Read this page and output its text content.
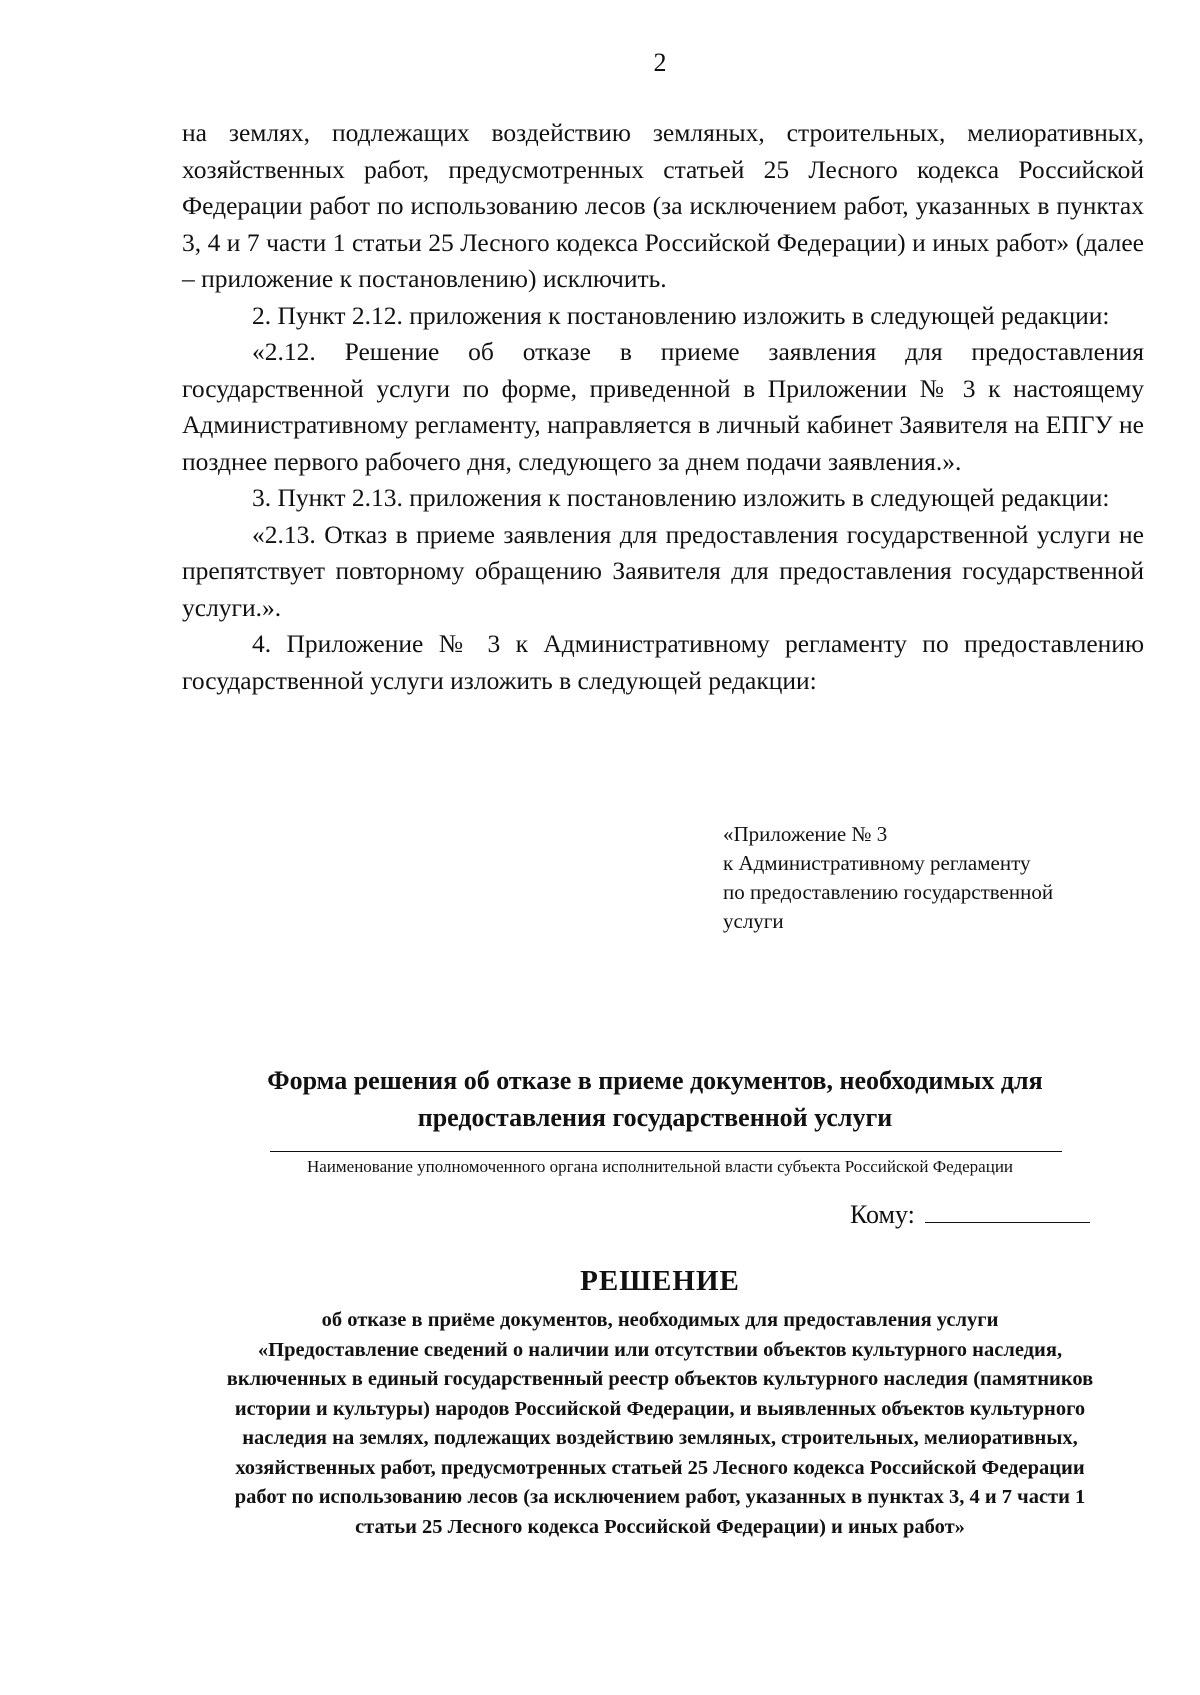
2

на землях, подлежащих воздействию земляных, строительных, мелиоративных, хозяйственных работ, предусмотренных статьей 25 Лесного кодекса Российской Федерации работ по использованию лесов (за исключением работ, указанных в пунктах 3, 4 и 7 части 1 статьи 25 Лесного кодекса Российской Федерации) и иных работ» (далее – приложение к постановлению) исключить.

2. Пункт 2.12. приложения к постановлению изложить в следующей редакции:

«2.12. Решение об отказе в приеме заявления для предоставления государственной услуги по форме, приведенной в Приложении № 3 к настоящему Административному регламенту, направляется в личный кабинет Заявителя на ЕПГУ не позднее первого рабочего дня, следующего за днем подачи заявления.».

3. Пункт 2.13. приложения к постановлению изложить в следующей редакции:

«2.13. Отказ в приеме заявления для предоставления государственной услуги не препятствует повторному обращению Заявителя для предоставления государственной услуги.».

4. Приложение № 3 к Административному регламенту по предоставлению государственной услуги изложить в следующей редакции:

«Приложение № 3
к Административному регламенту
по предоставлению государственной
услуги
Форма решения об отказе в приеме документов, необходимых для
предоставления государственной услуги
Наименование уполномоченного органа исполнительной власти субъекта Российской Федерации
Кому:
РЕШЕНИЕ
об отказе в приёме документов, необходимых для предоставления услуги
«Предоставление сведений о наличии или отсутствии объектов культурного наследия,
включенных в единый государственный реестр объектов культурного наследия (памятников
истории и культуры) народов Российской Федерации, и выявленных объектов культурного
наследия на землях, подлежащих воздействию земляных, строительных, мелиоративных,
хозяйственных работ, предусмотренных статьей 25 Лесного кодекса Российской Федерации
работ по использованию лесов (за исключением работ, указанных в пунктах 3, 4 и 7 части 1
статьи 25 Лесного кодекса Российской Федерации) и иных работ»
